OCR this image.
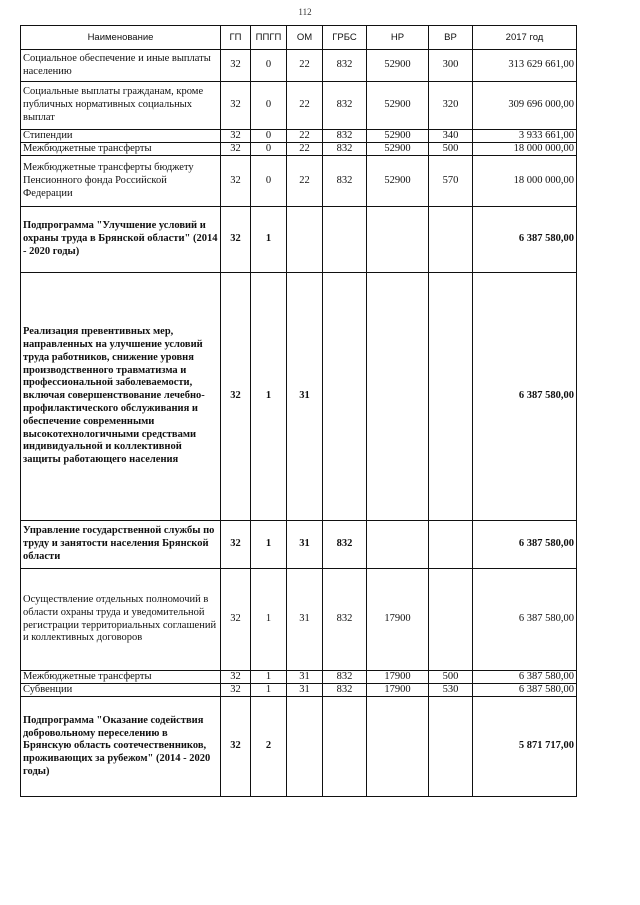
112
Наименование	ГП	ППГП	ОМ	ГРБС	НР	ВР	2017 год
Социальное обеспечение и иные выплаты населению	32	0	22	832	52900	300	313 629 661,00
Социальные выплаты гражданам, кроме публичных нормативных социальных выплат	32	0	22	832	52900	320	309 696 000,00
Стипендии	32	0	22	832	52900	340	3 933 661,00
Межбюджетные трансферты	32	0	22	832	52900	500	18 000 000,00
Межбюджетные трансферты бюджету Пенсионного фонда Российской Федерации	32	0	22	832	52900	570	18 000 000,00
Подпрограмма "Улучшение условий и охраны труда в Брянской области" (2014 - 2020 годы)	32	1					6 387 580,00
Реализация превентивных мер, направленных на улучшение условий труда работников, снижение уровня производственного травматизма и профессиональной заболеваемости, включая совершенствование лечебно-профилактического обслуживания и обеспечение современными высокотехнологичными средствами индивидуальной и коллективной защиты работающего населения	32	1	31				6 387 580,00
Управление государственной службы по труду и занятости населения Брянской области	32	1	31	832			6 387 580,00
Осуществление отдельных полномочий в области охраны труда и уведомительной регистрации территориальных соглашений и коллективных договоров	32	1	31	832	17900		6 387 580,00
Межбюджетные трансферты	32	1	31	832	17900	500	6 387 580,00
Субвенции	32	1	31	832	17900	530	6 387 580,00
Подпрограмма "Оказание содействия добровольному переселению в Брянскую область соотечественников, проживающих за рубежом" (2014 - 2020 годы)	32	2					5 871 717,00
